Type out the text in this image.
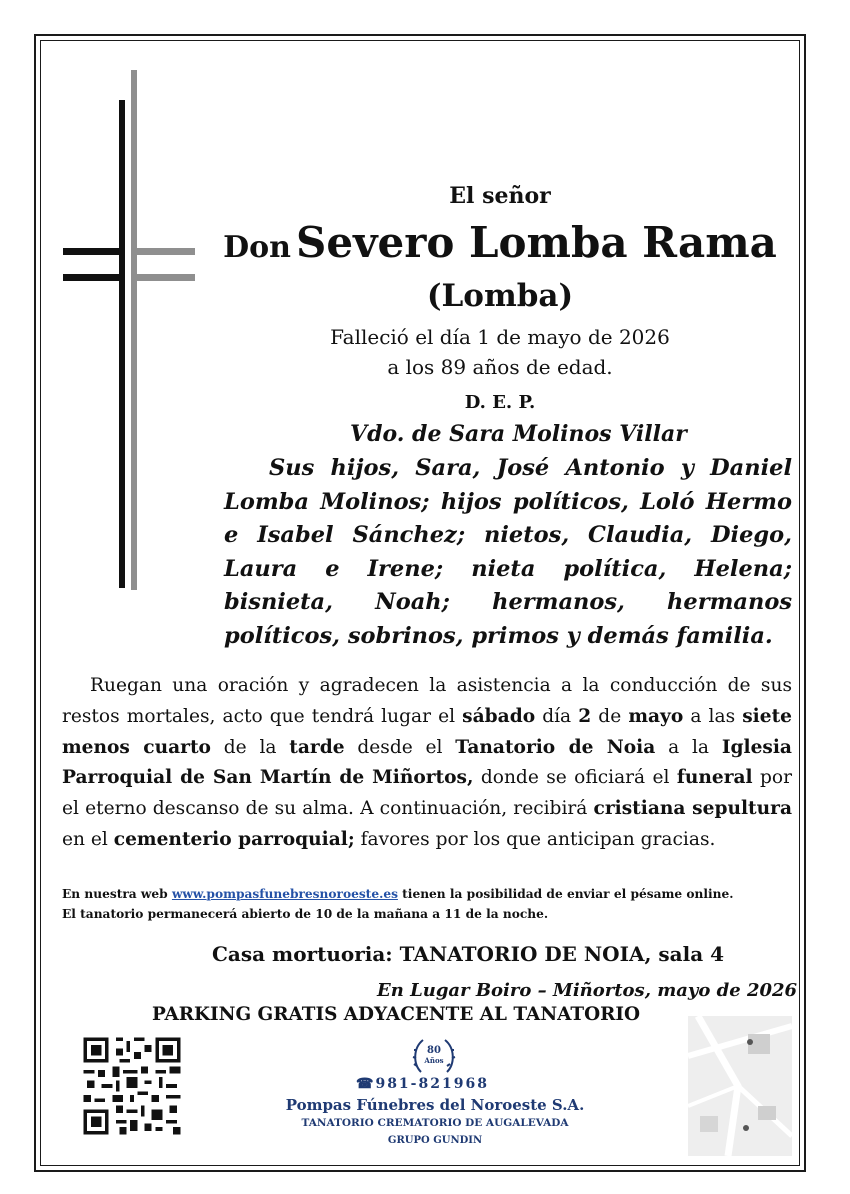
El señor
Don Severo Lomba Rama
(Lomba)
Falleció el día 1 de mayo de 2026
a los 89 años de edad.
D. E. P.
Vdo. de Sara Molinos Villar

Sus hijos, Sara, José Antonio y Daniel Lomba Molinos; hijos políticos, Loló Hermo e Isabel Sánchez; nietos, Claudia, Diego, Laura e Irene; nieta política, Helena; bisnieta, Noah; hermanos, hermanos políticos, sobrinos, primos y demás familia.

Ruegan una oración y agradecen la asistencia a la conducción de sus restos mortales, acto que tendrá lugar el sábado día 2 de mayo a las siete menos cuarto de la tarde desde el Tanatorio de Noia a la Iglesia Parroquial de San Martín de Miñortos, donde se oficiará el funeral por el eterno descanso de su alma. A continuación, recibirá cristiana sepultura en el cementerio parroquial; favores por los que anticipan gracias.

En nuestra web www.pompasfunebresnoroeste.es tienen la posibilidad de enviar el pésame online.
El tanatorio permanecerá abierto de 10 de la mañana a 11 de la noche.
Casa mortuoria: TANATORIO DE NOIA, sala 4
En Lugar Boiro – Miñortos, mayo de 2026
PARKING GRATIS ADYACENTE AL TANATORIO
80
Años
☎981-821968
Pompas Fúnebres del Noroeste S.A.
TANATORIO CREMATORIO DE AUGALEVADA
GRUPO GUNDIN
